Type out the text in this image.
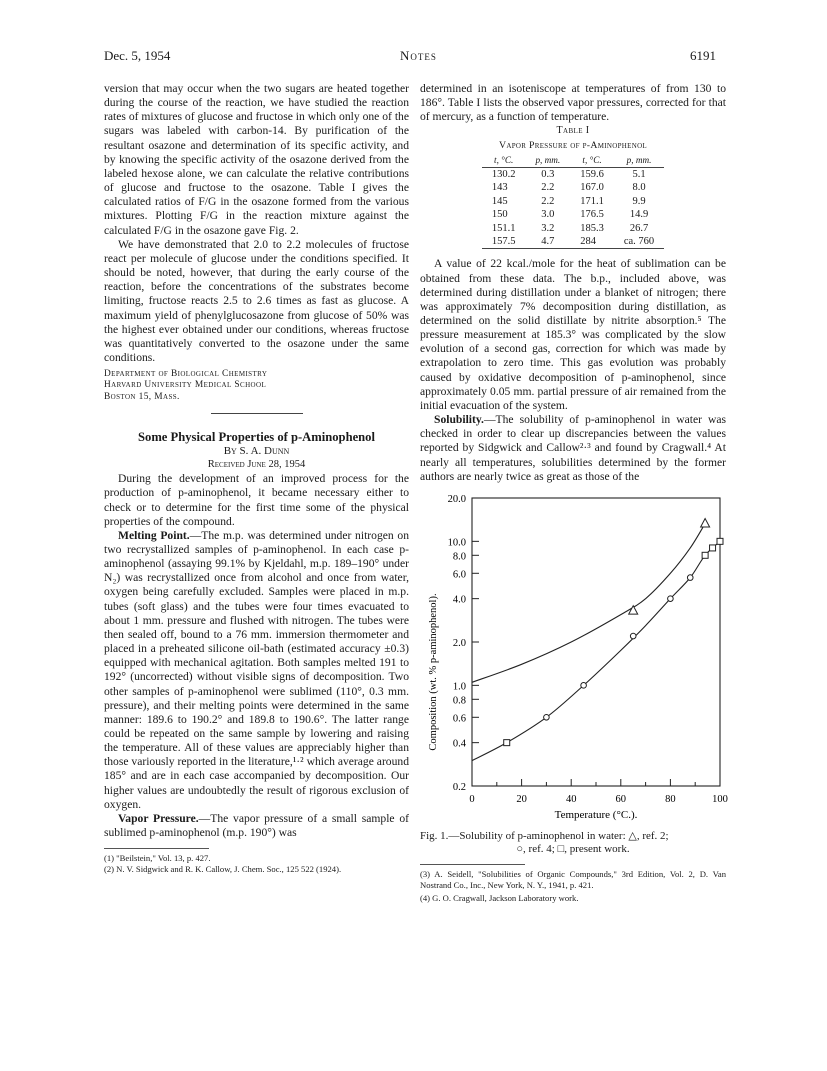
Dec. 5, 1954	Notes	6191

version that may occur when the two sugars are heated together during the course of the reaction, we have studied the reaction rates of mixtures of glucose and fructose in which only one of the sugars was labeled with carbon-14. By purification of the resultant osazone and determination of its specific activity, and by knowing the specific activity of the osazone derived from the labeled hexose alone, we can calculate the relative contributions of glucose and fructose to the osazone. Table I gives the calculated ratios of F/G in the osazone formed from the various mixtures. Plotting F/G in the reaction mixture against the calculated F/G in the osazone gave Fig. 2.

We have demonstrated that 2.0 to 2.2 molecules of fructose react per molecule of glucose under the conditions specified. It should be noted, however, that during the early course of the reaction, before the concentrations of the substrates become limiting, fructose reacts 2.5 to 2.6 times as fast as glucose. A maximum yield of phenylglucosazone from glucose of 50% was the highest ever obtained under our conditions, whereas fructose was quantitatively converted to the osazone under the same conditions.

Department of Biological Chemistry
Harvard University Medical School
Boston 15, Mass.

Some Physical Properties of p-Aminophenol

By S. A. Dunn

Received June 28, 1954

During the development of an improved process for the production of p-aminophenol, it became necessary either to check or to determine for the first time some of the physical properties of the compound.

Melting Point.—The m.p. was determined under nitrogen on two recrystallized samples of p-aminophenol. In each case p-aminophenol (assaying 99.1% by Kjeldahl, m.p. 189–190° under N₂) was recrystallized once from alcohol and once from water, oxygen being carefully excluded. Samples were placed in m.p. tubes (soft glass) and the tubes were four times evacuated to about 1 mm. pressure and flushed with nitrogen. The tubes were then sealed off, bound to a 76 mm. immersion thermometer and placed in a preheated silicone oil-bath (estimated accuracy ±0.3) equipped with mechanical agitation. Both samples melted 191 to 192° (uncorrected) without visible signs of decomposition. Two other samples of p-aminophenol were sublimed (110°, 0.3 mm. pressure), and their melting points were determined in the same manner: 189.6 to 190.2° and 189.8 to 190.6°. The latter range could be repeated on the same sample by lowering and raising the temperature. All of these values are appreciably higher than those variously reported in the literature,¹·² which average around 185° and are in each case accompanied by decomposition. Our higher values are undoubtedly the result of rigorous exclusion of oxygen.

Vapor Pressure.—The vapor pressure of a small sample of sublimed p-aminophenol (m.p. 190°) was

(1) "Beilstein," Vol. 13, p. 427.
(2) N. V. Sidgwick and R. K. Callow, J. Chem. Soc., 125 522 (1924).

determined in an isoteniscope at temperatures of from 130 to 186°. Table I lists the observed vapor pressures, corrected for that of mercury, as a function of temperature.

Table I

Vapor Pressure of p-Aminophenol

t, °C.	p, mm.	t, °C.	p, mm.
130.2	0.3	159.6	5.1
143	2.2	167.0	8.0
145	2.2	171.1	9.9
150	3.0	176.5	14.9
151.1	3.2	185.3	26.7
157.5	4.7	284	ca. 760

A value of 22 kcal./mole for the heat of sublimation can be obtained from these data. The b.p., included above, was determined during distillation under a blanket of nitrogen; there was approximately 7% decomposition during distillation, as determined on the solid distillate by nitrite absorption.⁵ The pressure measurement at 185.3° was complicated by the slow evolution of a second gas, correction for which was made by extrapolation to zero time. This gas evolution was probably caused by oxidative decomposition of p-aminophenol, since approximately 0.05 mm. partial pressure of air remained from the initial evacuation of the system.

Solubility.—The solubility of p-aminophenol in water was checked in order to clear up discrepancies between the values reported by Sidgwick and Callow²·³ and found by Cragwall.⁴ At nearly all temperatures, solubilities determined by the former authors are nearly twice as great as those of the

0.2
0.4
0.6
0.8
1.0
2.0
4.0
6.0
8.0
10.0
20.0
0	20	40	60	80	100
Temperature (°C.).
Composition (wt. % p-aminophenol).

Fig. 1.—Solubility of p-aminophenol in water: △, ref. 2;
○, ref. 4; □, present work.

(3) A. Seidell, "Solubilities of Organic Compounds," 3rd Edition, Vol. 2, D. Van Nostrand Co., Inc., New York, N. Y., 1941, p. 421.
(4) G. O. Cragwall, Jackson Laboratory work.
